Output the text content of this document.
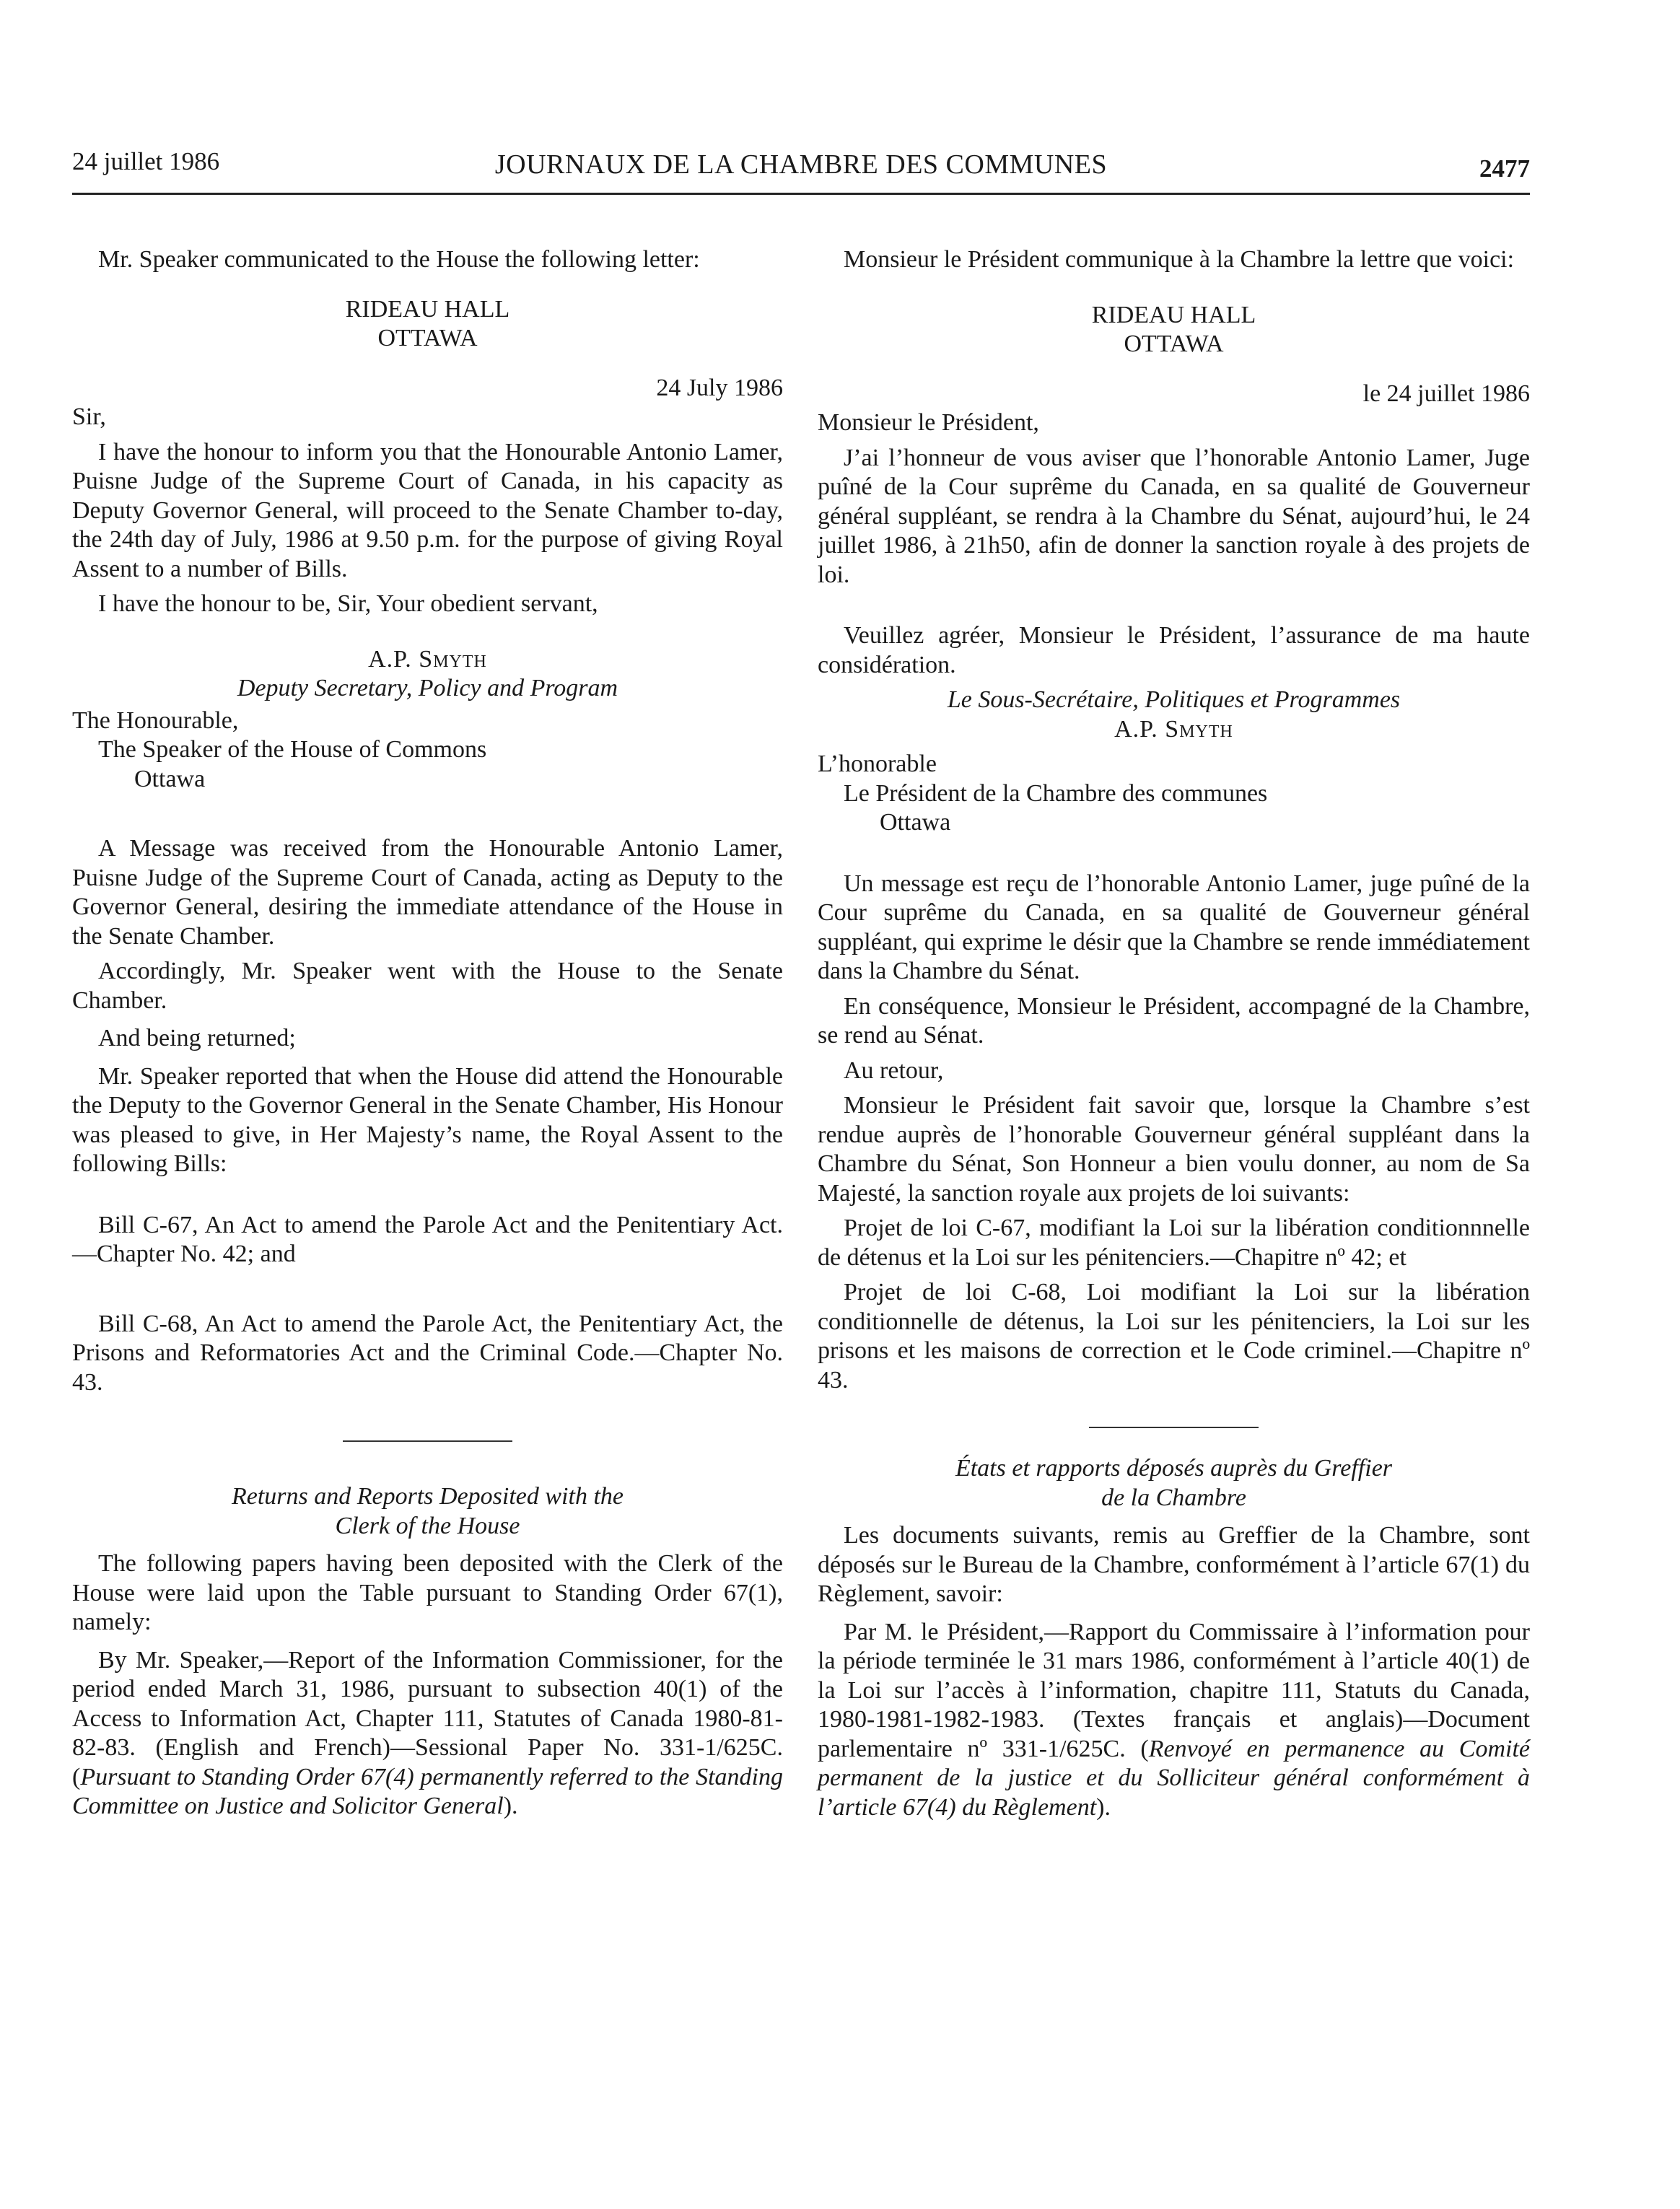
24 juillet 1986	JOURNAUX DE LA CHAMBRE DES COMMUNES	2477

Mr. Speaker communicated to the House the following letter:

RIDEAU HALL

OTTAWA

24 July 1986

Sir,

I have the honour to inform you that the Honourable Antonio Lamer, Puisne Judge of the Supreme Court of Canada, in his capacity as Deputy Governor General, will proceed to the Senate Chamber to-day, the 24th day of July, 1986 at 9.50 p.m. for the purpose of giving Royal Assent to a number of Bills.

I have the honour to be, Sir, Your obedient servant,

A.P. Smyth

Deputy Secretary, Policy and Program

The Honourable,

The Speaker of the House of Commons

Ottawa

A Message was received from the Honourable Antonio Lamer, Puisne Judge of the Supreme Court of Canada, acting as Deputy to the Governor General, desiring the immediate attendance of the House in the Senate Chamber.

Accordingly, Mr. Speaker went with the House to the Senate Chamber.

And being returned;

Mr. Speaker reported that when the House did attend the Honourable the Deputy to the Governor General in the Senate Chamber, His Honour was pleased to give, in Her Majesty’s name, the Royal Assent to the following Bills:

Bill C-67, An Act to amend the Parole Act and the Penitentiary Act.—Chapter No. 42; and

Bill C-68, An Act to amend the Parole Act, the Penitentiary Act, the Prisons and Reformatories Act and the Criminal Code.—Chapter No. 43.

Returns and Reports Deposited with the

Clerk of the House

The following papers having been deposited with the Clerk of the House were laid upon the Table pursuant to Standing Order 67(1), namely:

By Mr. Speaker,—Report of the Information Commissioner, for the period ended March 31, 1986, pursuant to subsection 40(1) of the Access to Information Act, Chapter 111, Statutes of Canada 1980-81-82-83. (English and French)—Sessional Paper No. 331-1/625C. (Pursuant to Standing Order 67(4) permanently referred to the Standing Committee on Justice and Solicitor General).

Monsieur le Président communique à la Chambre la lettre que voici:

RIDEAU HALL

OTTAWA

le 24 juillet 1986

Monsieur le Président,

J’ai l’honneur de vous aviser que l’honorable Antonio Lamer, Juge puîné de la Cour suprême du Canada, en sa qualité de Gouverneur général suppléant, se rendra à la Chambre du Sénat, aujourd’hui, le 24 juillet 1986, à 21h50, afin de donner la sanction royale à des projets de loi.

Veuillez agréer, Monsieur le Président, l’assurance de ma haute considération.

Le Sous-Secrétaire, Politiques et Programmes

A.P. Smyth

L’honorable

Le Président de la Chambre des communes

Ottawa

Un message est reçu de l’honorable Antonio Lamer, juge puîné de la Cour suprême du Canada, en sa qualité de Gouverneur général suppléant, qui exprime le désir que la Chambre se rende immédiatement dans la Chambre du Sénat.

En conséquence, Monsieur le Président, accompagné de la Chambre, se rend au Sénat.

Au retour,

Monsieur le Président fait savoir que, lorsque la Chambre s’est rendue auprès de l’honorable Gouverneur général suppléant dans la Chambre du Sénat, Son Honneur a bien voulu donner, au nom de Sa Majesté, la sanction royale aux projets de loi suivants:

Projet de loi C-67, modifiant la Loi sur la libération conditionnnelle de détenus et la Loi sur les pénitenciers.—Chapitre nº 42; et

Projet de loi C-68, Loi modifiant la Loi sur la libération conditionnelle de détenus, la Loi sur les pénitenciers, la Loi sur les prisons et les maisons de correction et le Code criminel.—Chapitre nº 43.

États et rapports déposés auprès du Greffier

de la Chambre

Les documents suivants, remis au Greffier de la Chambre, sont déposés sur le Bureau de la Chambre, conformément à l’article 67(1) du Règlement, savoir:

Par M. le Président,—Rapport du Commissaire à l’information pour la période terminée le 31 mars 1986, conformément à l’article 40(1) de la Loi sur l’accès à l’information, chapitre 111, Statuts du Canada, 1980-1981-1982-1983. (Textes français et anglais)—Document parlementaire nº 331-1/625C. (Renvoyé en permanence au Comité permanent de la justice et du Solliciteur général conformément à l’article 67(4) du Règlement).
